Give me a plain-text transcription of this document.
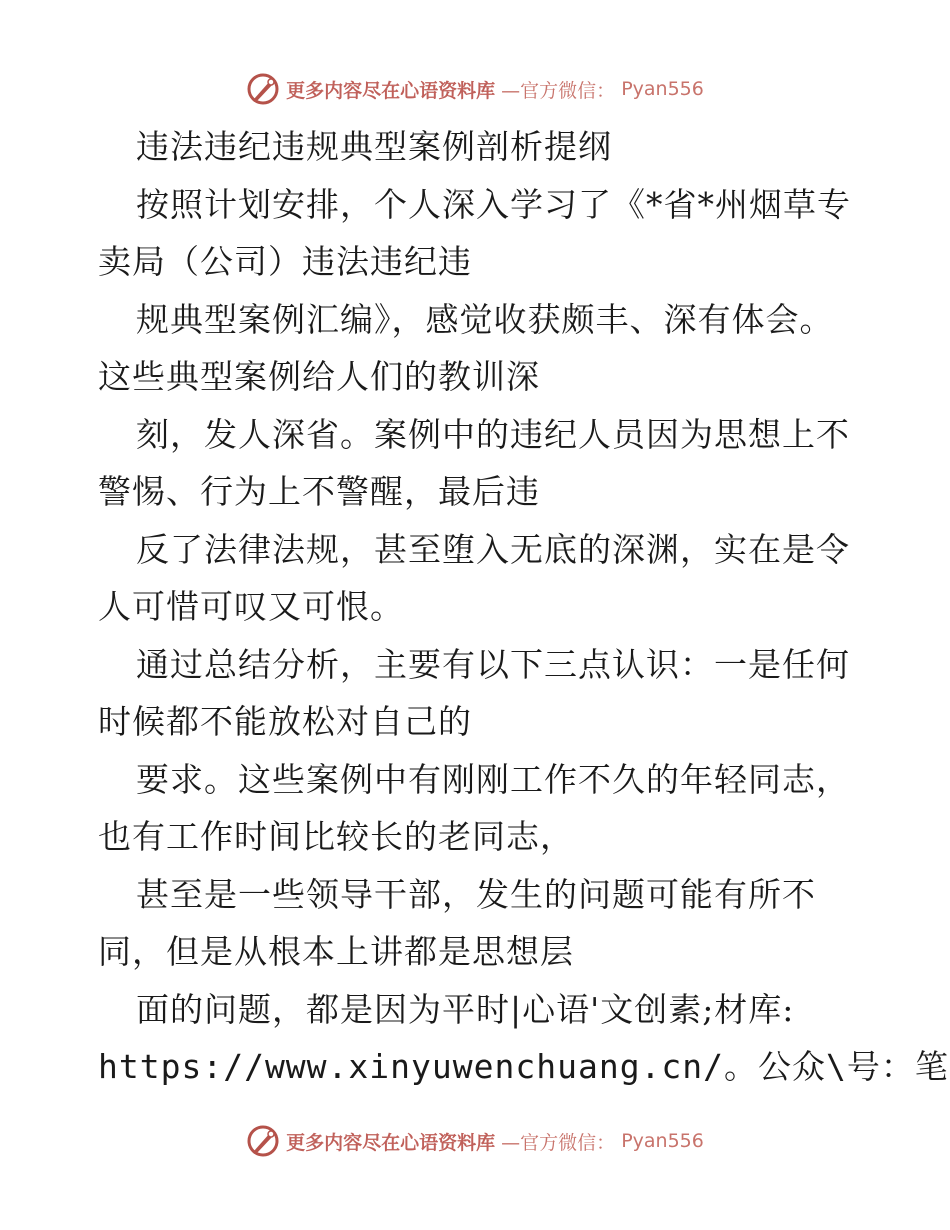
更多内容尽在心语资料库 —官方微信： Pyan556
违法违纪违规典型案例剖析提纲
按照计划安排，个人深入学习了《*省*州烟草专
卖局（公司）违法违纪违
规典型案例汇编》，感觉收获颇丰、深有体会。
这些典型案例给人们的教训深
刻，发人深省。案例中的违纪人员因为思想上不
警惕、行为上不警醒，最后违
反了法律法规，甚至堕入无底的深渊，实在是令
人可惜可叹又可恨。
通过总结分析，主要有以下三点认识：一是任何
时候都不能放松对自己的
要求。这些案例中有刚刚工作不久的年轻同志，
也有工作时间比较长的老同志，
甚至是一些领导干部，发生的问题可能有所不
同，但是从根本上讲都是思想层
面的问题，都是因为平时|心语'文创素;材库:
https://www.xinyuwenchuang.cn/。公众\号：笔
更多内容尽在心语资料库 —官方微信： Pyan556
